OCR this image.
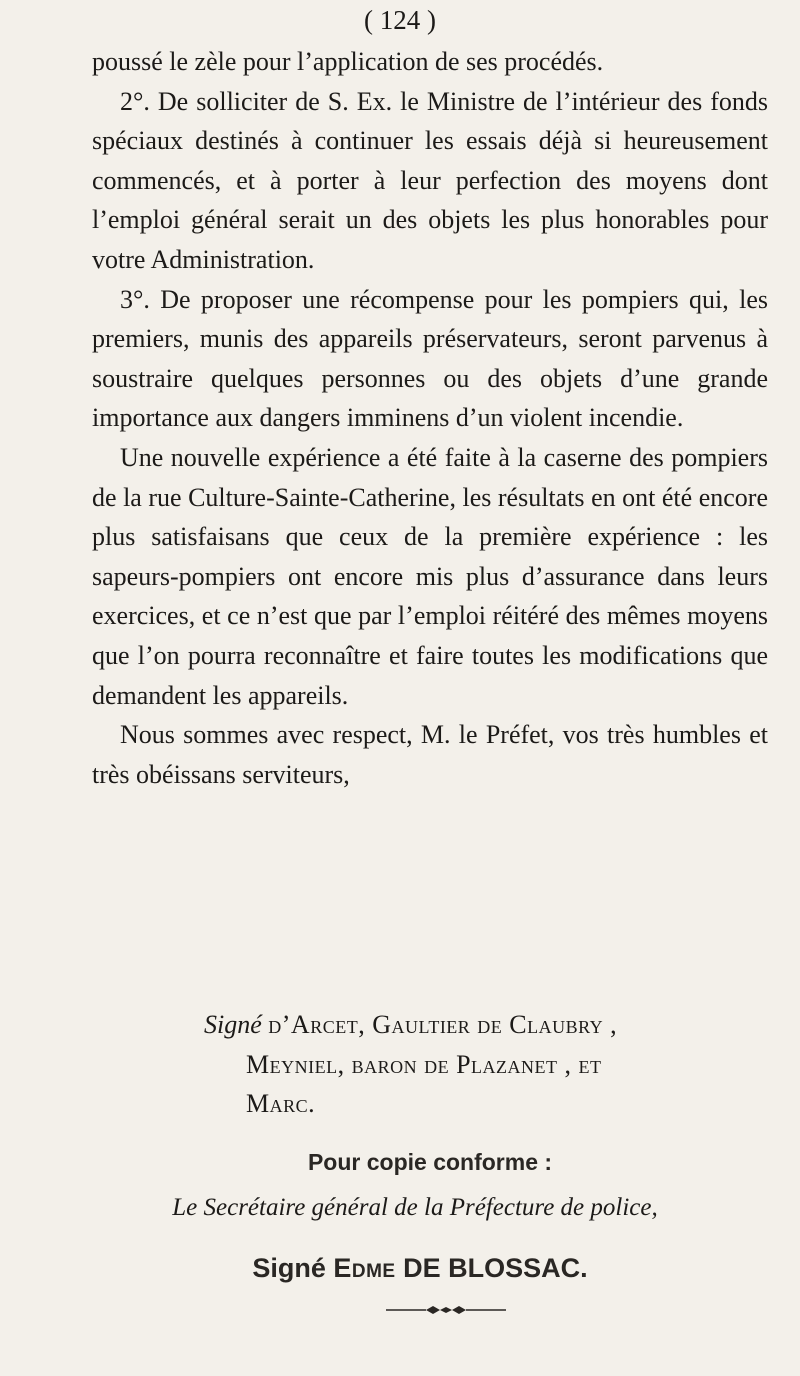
( 124 )

poussé le zèle pour l’application de ses procédés.

2°. De solliciter de S. Ex. le Ministre de l’intérieur des fonds spéciaux destinés à continuer les essais déjà si heureusement commencés, et à porter à leur perfection des moyens dont l’emploi général serait un des objets les plus honorables pour votre Administration.

3°. De proposer une récompense pour les pompiers qui, les premiers, munis des appareils préservateurs, seront parvenus à soustraire quelques personnes ou des objets d’une grande importance aux dangers imminens d’un violent incendie.

Une nouvelle expérience a été faite à la caserne des pompiers de la rue Culture-Sainte-Catherine, les résultats en ont été encore plus satisfaisans que ceux de la première expérience : les sapeurs-pompiers ont encore mis plus d’assurance dans leurs exercices, et ce n’est que par l’emploi réitéré des mêmes moyens que l’on pourra reconnaître et faire toutes les modifications que demandent les appareils.

Nous sommes avec respect, M. le Préfet, vos très humbles et très obéissans serviteurs,

Signé d’Arcet, Gaultier de Claubry ,
Meyniel, baron de Plazanet , et
Marc.
Pour copie conforme :
Le Secrétaire général de la Préfecture de police,
Signé Edme DE BLOSSAC.
